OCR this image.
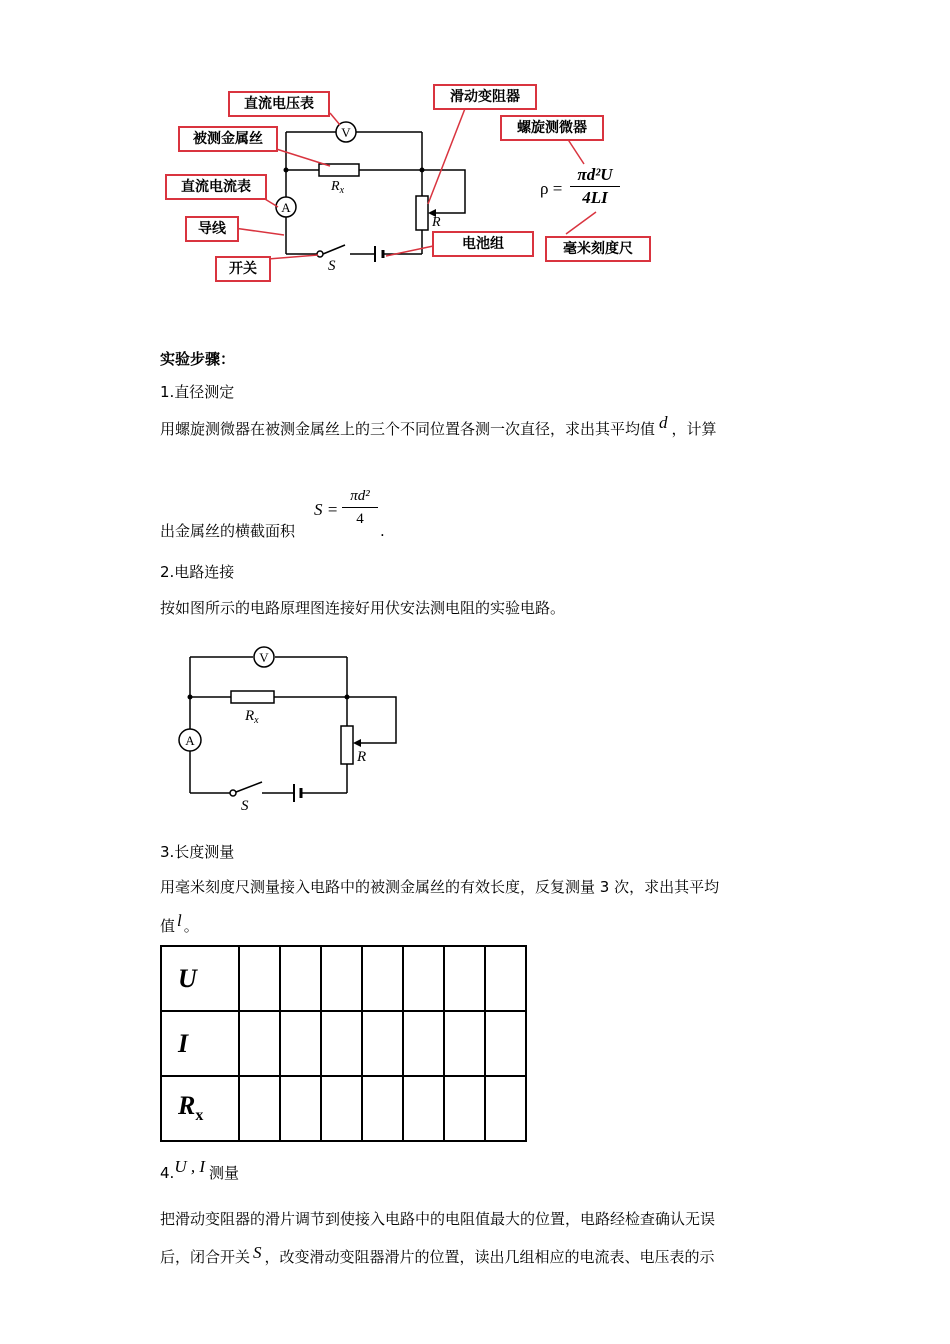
V
A
$R_x$
R
S
直流电压表
被测金属丝
直流电流表
导线
开关
滑动变阻器
螺旋测微器
电池组	毫米刻度尺
ρ =
πd²U
4LI
实验步骤：
1.直径测定
用螺旋测微器在被测金属丝上的三个不同位置各测一次直径，求出其平均值 d ，计算
出金属丝的横截面积
S =
πd²
4
.
2.电路连接
按如图所示的电路原理图连接好用伏安法测电阻的实验电路。
V
A
$R_x$
R
S
3.长度测量
用毫米刻度尺测量接入电路中的被测金属丝的有效长度，反复测量 3 次，求出其平均
值 l 。
U							
I							
$R_x$							
4.U , I 测量
把滑动变阻器的滑片调节到使接入电路中的电阻值最大的位置，电路经检查确认无误
后，闭合开关 S ，改变滑动变阻器滑片的位置，读出几组相应的电流表、电压表的示
